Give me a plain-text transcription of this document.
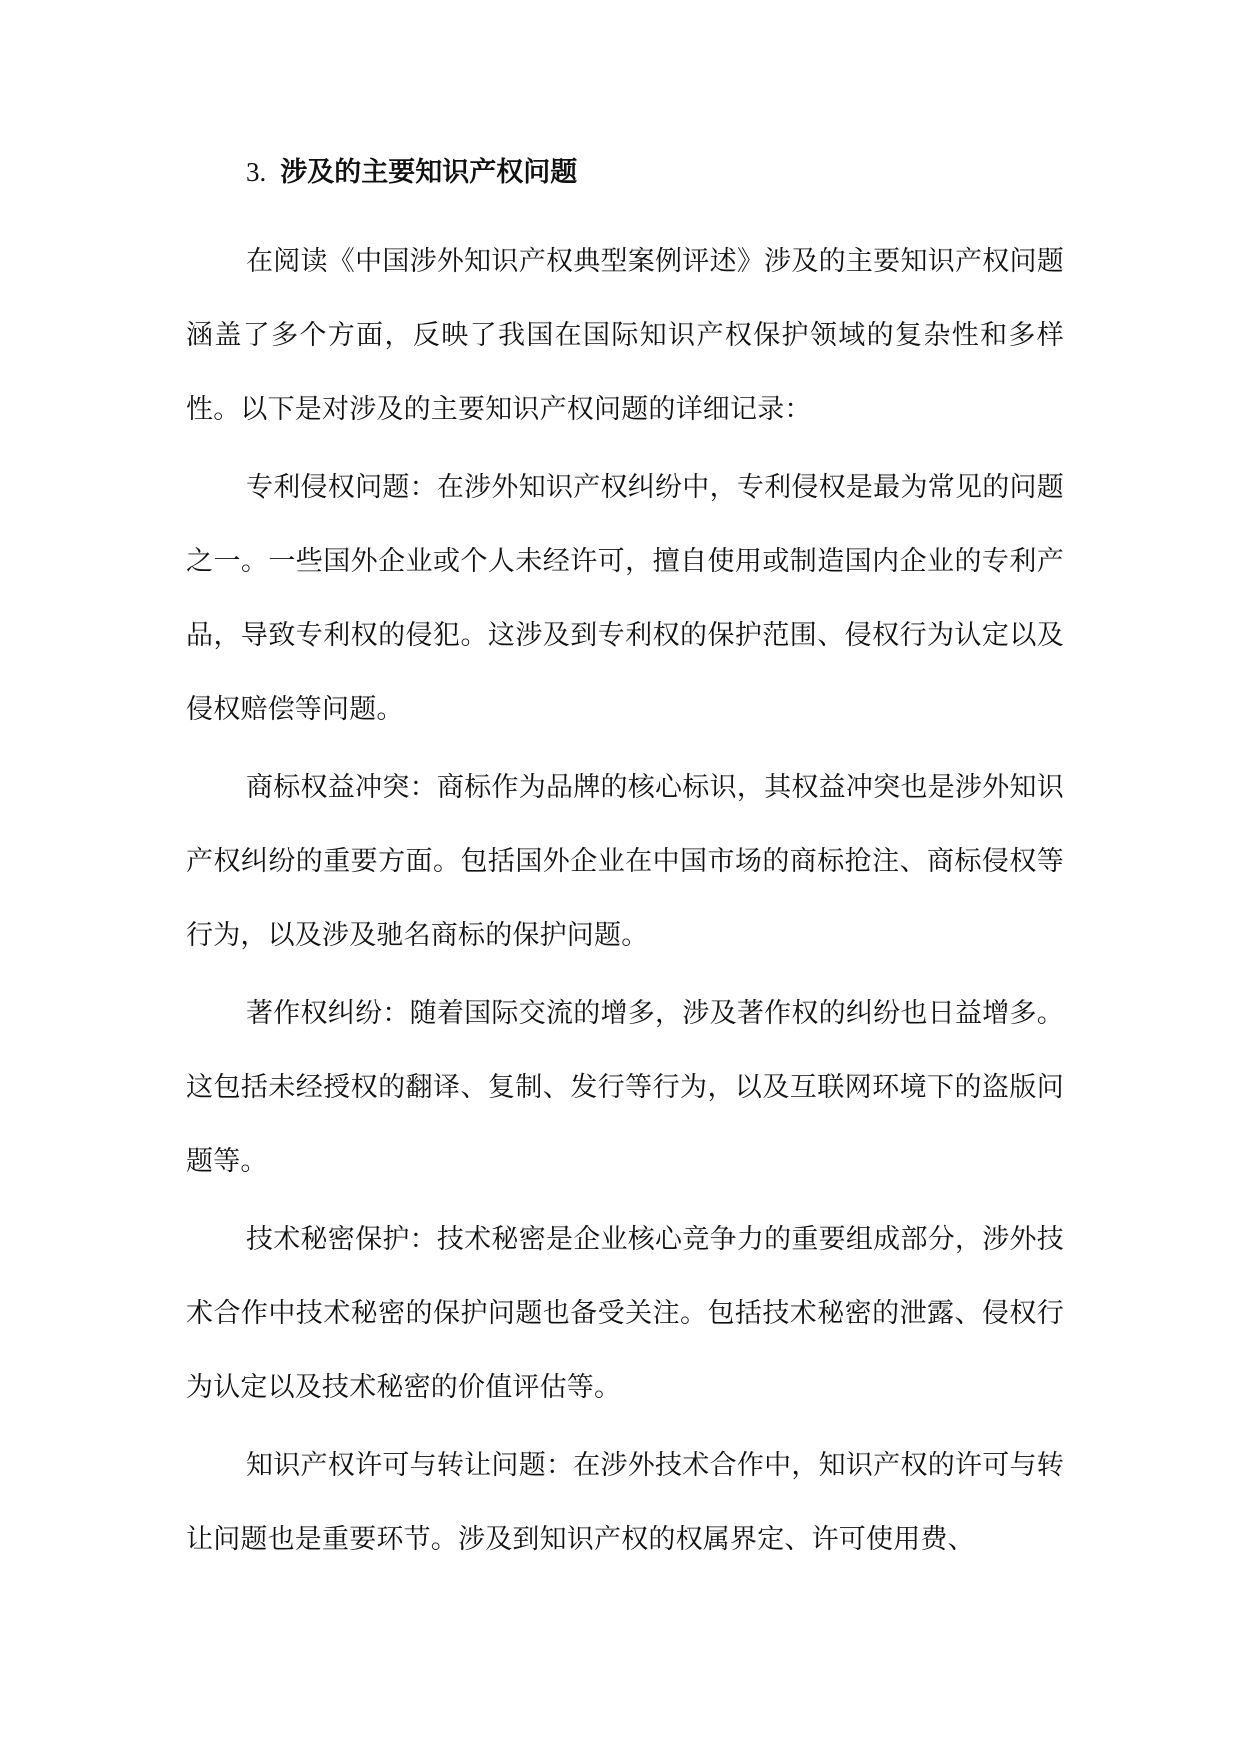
3. 涉及的主要知识产权问题

在阅读《中国涉外知识产权典型案例评述》涉及的主要知识产权问题涵盖了多个方面，反映了我国在国际知识产权保护领域的复杂性和多样性。以下是对涉及的主要知识产权问题的详细记录：

专利侵权问题：在涉外知识产权纠纷中，专利侵权是最为常见的问题之一。一些国外企业或个人未经许可，擅自使用或制造国内企业的专利产品，导致专利权的侵犯。这涉及到专利权的保护范围、侵权行为认定以及侵权赔偿等问题。

商标权益冲突：商标作为品牌的核心标识，其权益冲突也是涉外知识产权纠纷的重要方面。包括国外企业在中国市场的商标抢注、商标侵权等行为，以及涉及驰名商标的保护问题。

著作权纠纷：随着国际交流的增多，涉及著作权的纠纷也日益增多。这包括未经授权的翻译、复制、发行等行为，以及互联网环境下的盗版问题等。

技术秘密保护：技术秘密是企业核心竞争力的重要组成部分，涉外技术合作中技术秘密的保护问题也备受关注。包括技术秘密的泄露、侵权行为认定以及技术秘密的价值评估等。

知识产权许可与转让问题：在涉外技术合作中，知识产权的许可与转让问题也是重要环节。涉及到知识产权的权属界定、许可使用费、
